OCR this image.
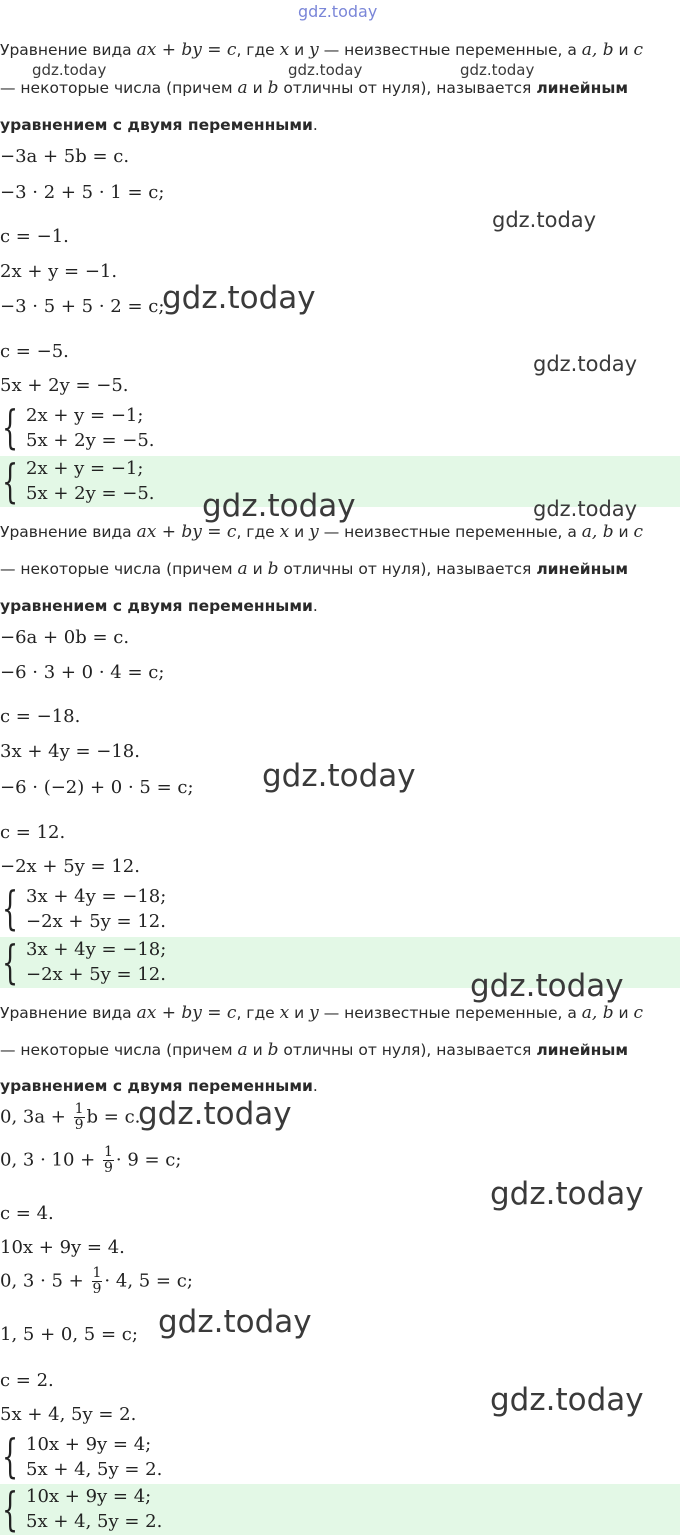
gdz.today
Уравнение вида ax + by = c, где x и y — неизвестные переменные, а a, b и c
gdz.today	gdz.today	gdz.today
— некоторые числа (причем a и b отличны от нуля), называется линейным
уравнением с двумя переменными.
−3a + 5b = c.
−3 · 2 + 5 · 1 = c;
gdz.today
c = −1.
2x + y = −1.
−3 · 5 + 5 · 2 = c;
gdz.today
c = −5.
gdz.today
5x + 2y = −5.
{ 2x + y = −1;
5x + 2y = −5.
{ 2x + y = −1;
5x + 2y = −5. gdz.today	gdz.today
Уравнение вида ax + by = c, где x и y — неизвестные переменные, а a, b и c
— некоторые числа (причем a и b отличны от нуля), называется линейным
уравнением с двумя переменными.
−6a + 0b = c.
−6 · 3 + 0 · 4 = c;
c = −18.
3x + 4y = −18.
−6 · (−2) + 0 · 5 = c; gdz.today
c = 12.
−2x + 5y = 12.
{ 3x + 4y = −18;
−2x + 5y = 12.
{ 3x + 4y = −18;
−2x + 5y = 12.	gdz.today
Уравнение вида ax + by = c, где x и y — неизвестные переменные, а a, b и c
— некоторые числа (причем a и b отличны от нуля), называется линейным
уравнением с двумя переменными.
0, $3a + \frac{1}{9}$ b = c.
gdz.today
0, $3 \cdot 10 + \frac{1}{9} \cdot 9 = c$;
gdz.today
c = 4.
10x + 9y = 4.
0, $3 \cdot 5 + \frac{1}{9} \cdot 4$, 5 = c;
1, 5 + 0, 5 = c; gdz.today
c = 2.
gdz.today
5x + 4, 5y = 2.
{ 10x + 9y = 4;
5x + 4, 5y = 2.
{ 10x + 9y = 4;
5x + 4, 5y = 2.
